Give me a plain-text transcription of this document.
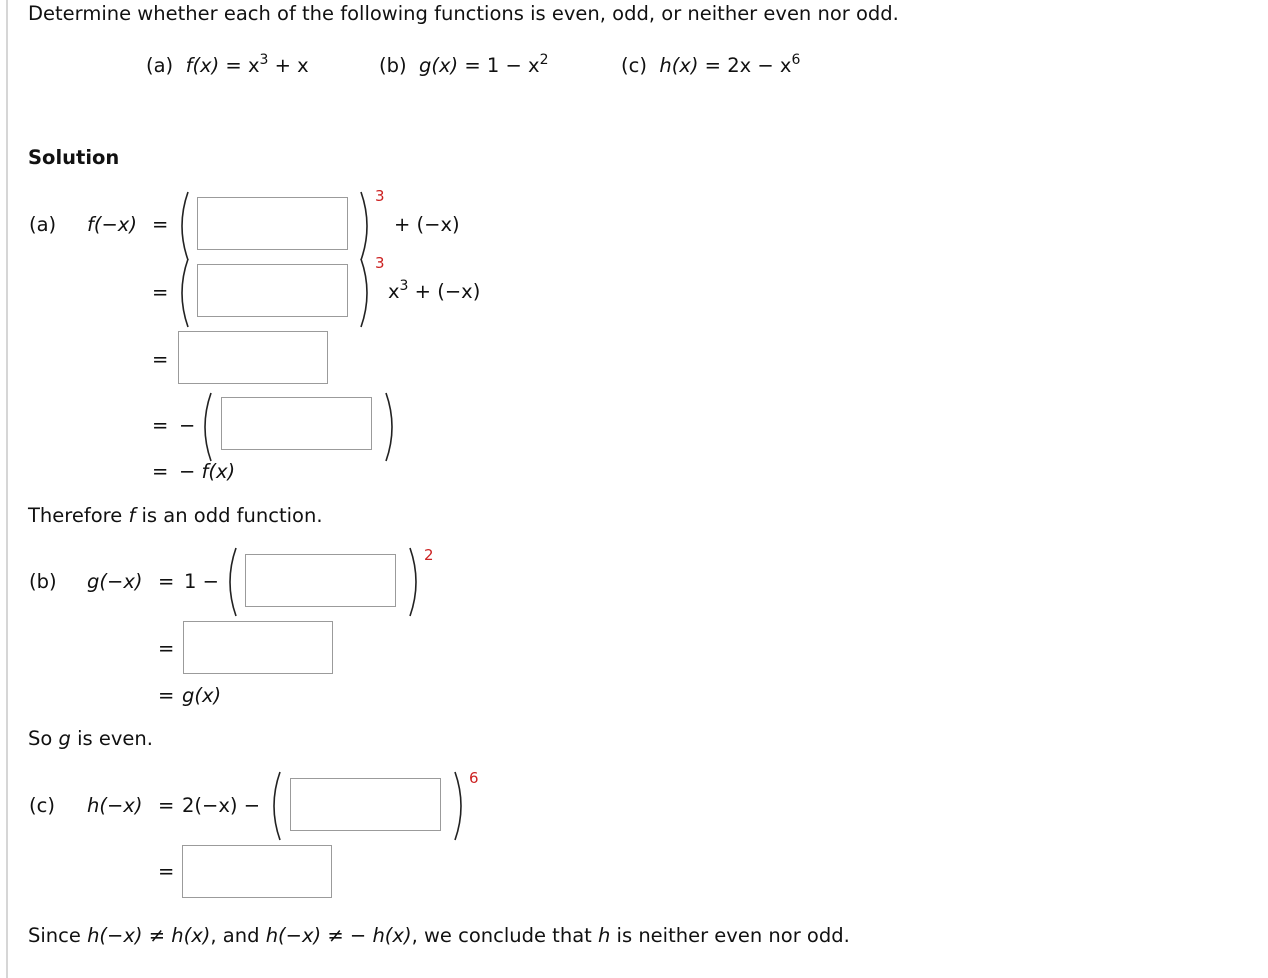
Determine whether each of the following functions is even, odd, or neither even nor odd.
(a) $f(x) = x^3 + x$	(b) $g(x) = 1 - x^2$	(c) $h(x) = 2x - x^6$
Solution
(a) f(−x) =
3
+ (−x)
=
3
$x^3 + (-x)$
=
= −
= − f(x)
Therefore f is an odd function.
(b) g(−x) = 1 −
2
=
= g(x)
So g is even.
(c) h(−x) = 2(−x) −
6
=
Since h(−x) ≠ h(x), and h(−x) ≠ − h(x), we conclude that h is neither even nor odd.
